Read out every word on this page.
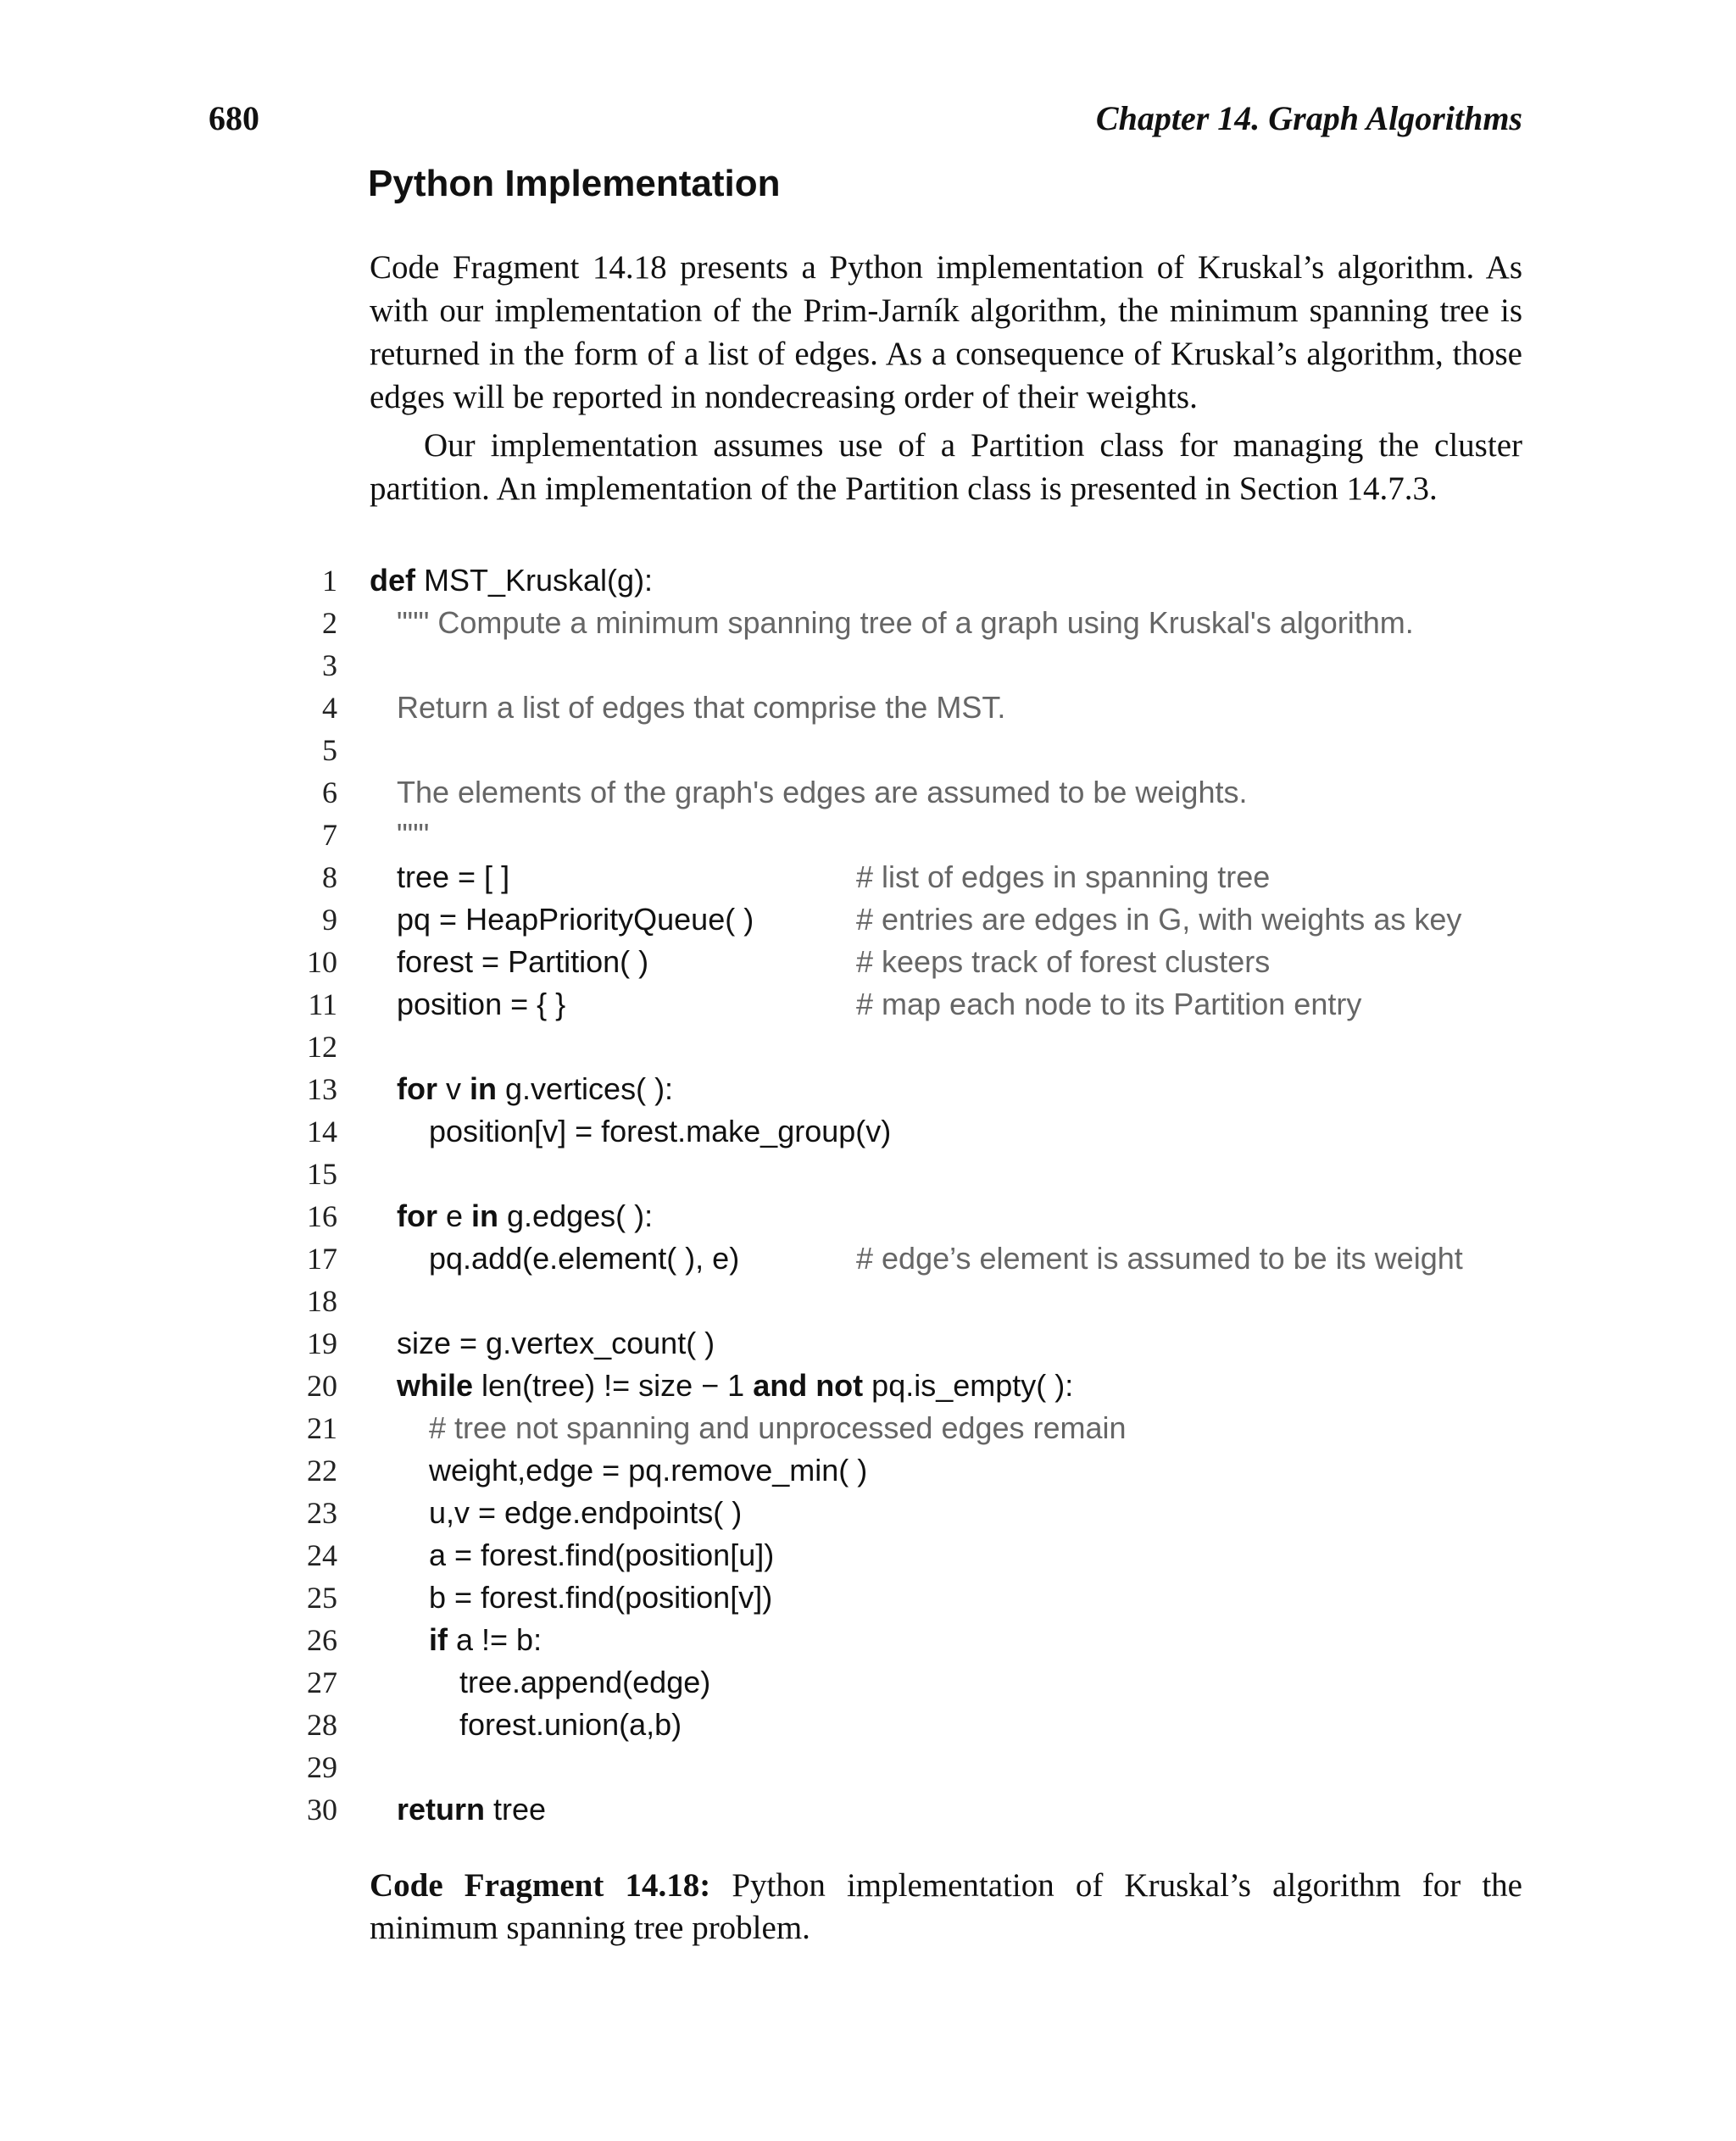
680	Chapter 14. Graph Algorithms
Python Implementation

Code Fragment 14.18 presents a Python implementation of Kruskal’s algorithm. As with our implementation of the Prim-Jarník algorithm, the minimum spanning tree is returned in the form of a list of edges. As a consequence of Kruskal’s algorithm, those edges will be reported in nondecreasing order of their weights.

Our implementation assumes use of a Partition class for managing the cluster partition. An implementation of the Partition class is presented in Section 14.7.3.

1 def MST_Kruskal(g):
2 """ Compute a minimum spanning tree of a graph using Kruskal's algorithm.
3
4 Return a list of edges that comprise the MST.
5
6 The elements of the graph's edges are assumed to be weights.
7 """
8 tree = [ ]	# list of edges in spanning tree
9 pq = HeapPriorityQueue( )	# entries are edges in G, with weights as key
10 forest = Partition( )	# keeps track of forest clusters
11 position = { }	# map each node to its Partition entry
12
13 for v in g.vertices( ):
14	position[v] = forest.make_group(v)
15
16 for e in g.edges( ):
17	pq.add(e.element( ), e)	# edge’s element is assumed to be its weight
18
19 size = g.vertex_count( )
20 while len(tree) != size − 1 and not pq.is_empty( ):
21	# tree not spanning and unprocessed edges remain
22	weight,edge = pq.remove_min( )
23	u,v = edge.endpoints( )
24	a = forest.find(position[u])
25	b = forest.find(position[v])
26	if a != b:
27	tree.append(edge)
28	forest.union(a,b)
29
30 return tree
Code Fragment 14.18: Python implementation of Kruskal’s algorithm for the minimum spanning tree problem.
